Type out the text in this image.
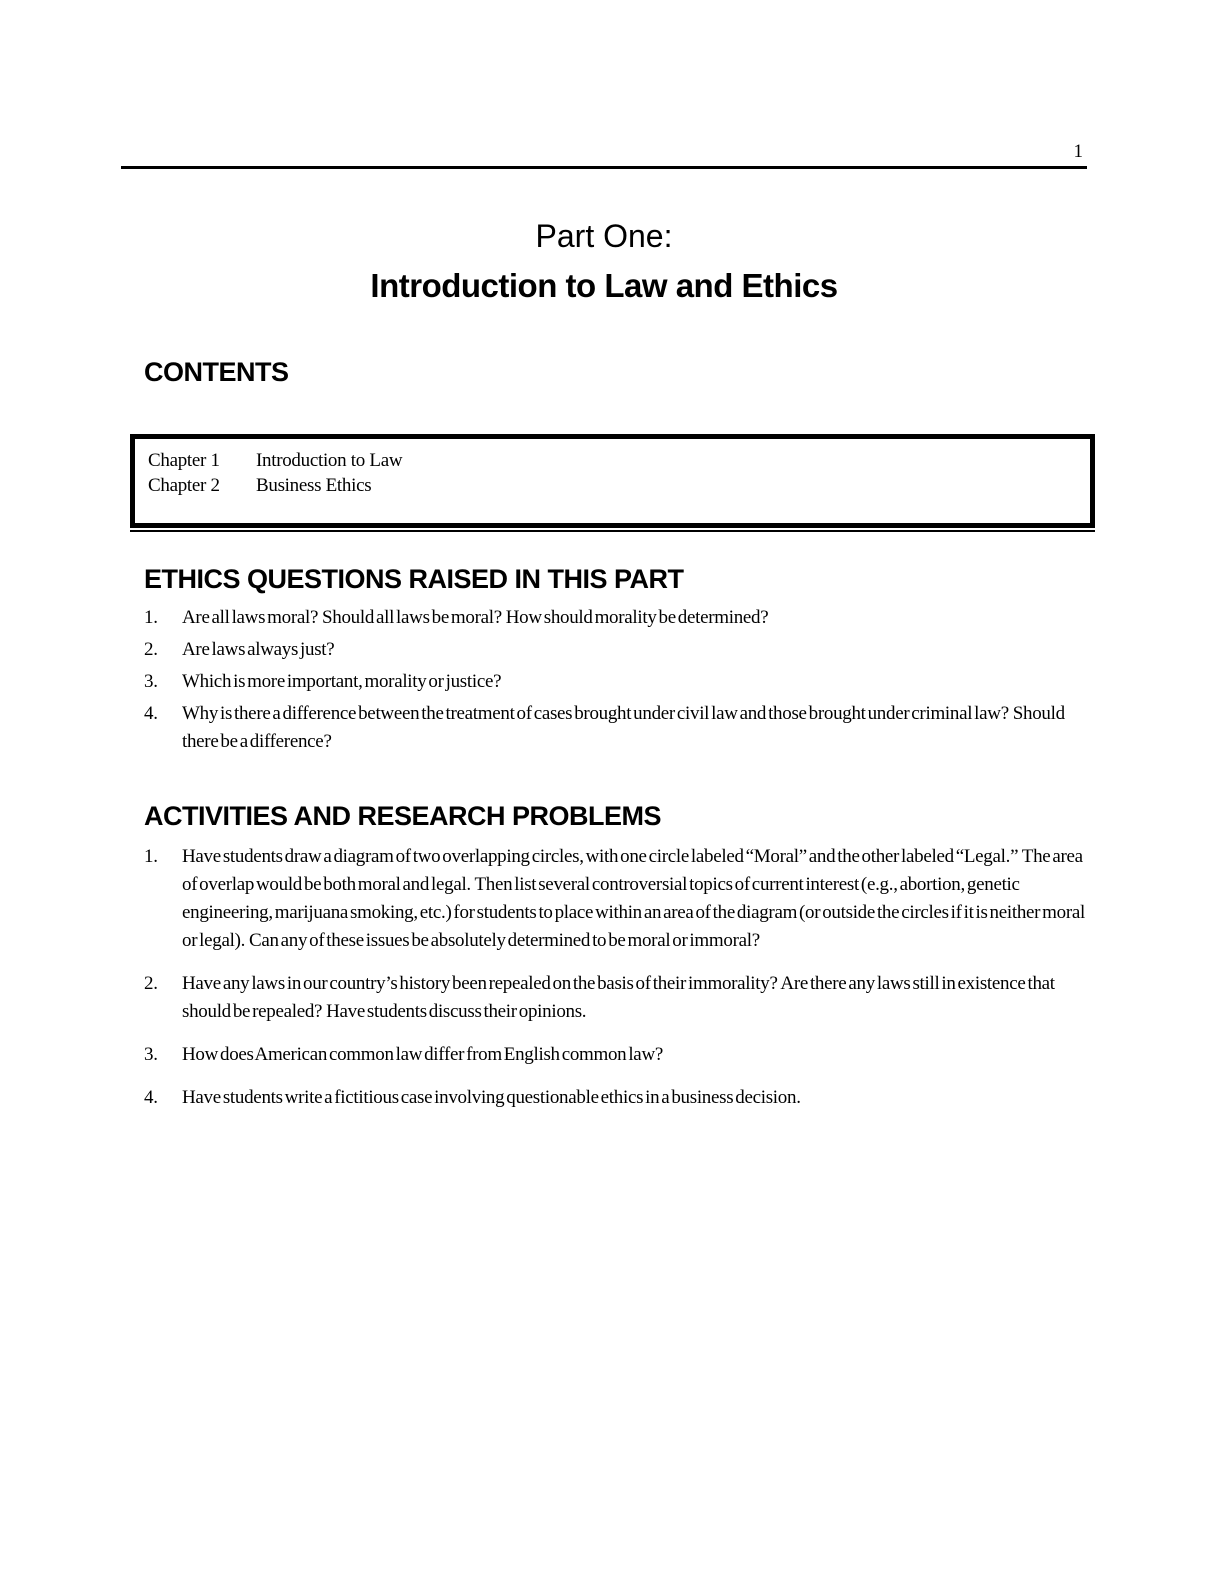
1
Part One:
Introduction to Law and Ethics
CONTENTS
Chapter 1	Introduction to Law
Chapter 2	Business Ethics
ETHICS QUESTIONS RAISED IN THIS PART
1.	Are all laws moral?  Should all laws be moral?  How should morality be determined?
2.	Are laws always just?
3.	Which is more important, morality or justice?
4.	Why is there a difference between the treatment of cases brought under civil law and those brought under criminal law?  Should there be a difference?
ACTIVITIES AND RESEARCH PROBLEMS
1.	Have students draw a diagram of two overlapping circles, with one circle labeled “Moral” and the other labeled “Legal.”  The area of overlap would be both moral and legal.  Then list several controversial topics of current interest (e.g., abortion, genetic engineering, marijuana smoking, etc.) for students to place within an area of the diagram (or outside the circles if it is neither moral or legal).  Can any of these issues be absolutely determined to be moral or immoral?
2.	Have any laws in our country’s history been repealed on the basis of their immorality?  Are there any laws still in existence that should be repealed?  Have students discuss their opinions.
3.	How does American common law differ from English common law?
4.	Have students write a fictitious case involving questionable ethics in a business decision.
